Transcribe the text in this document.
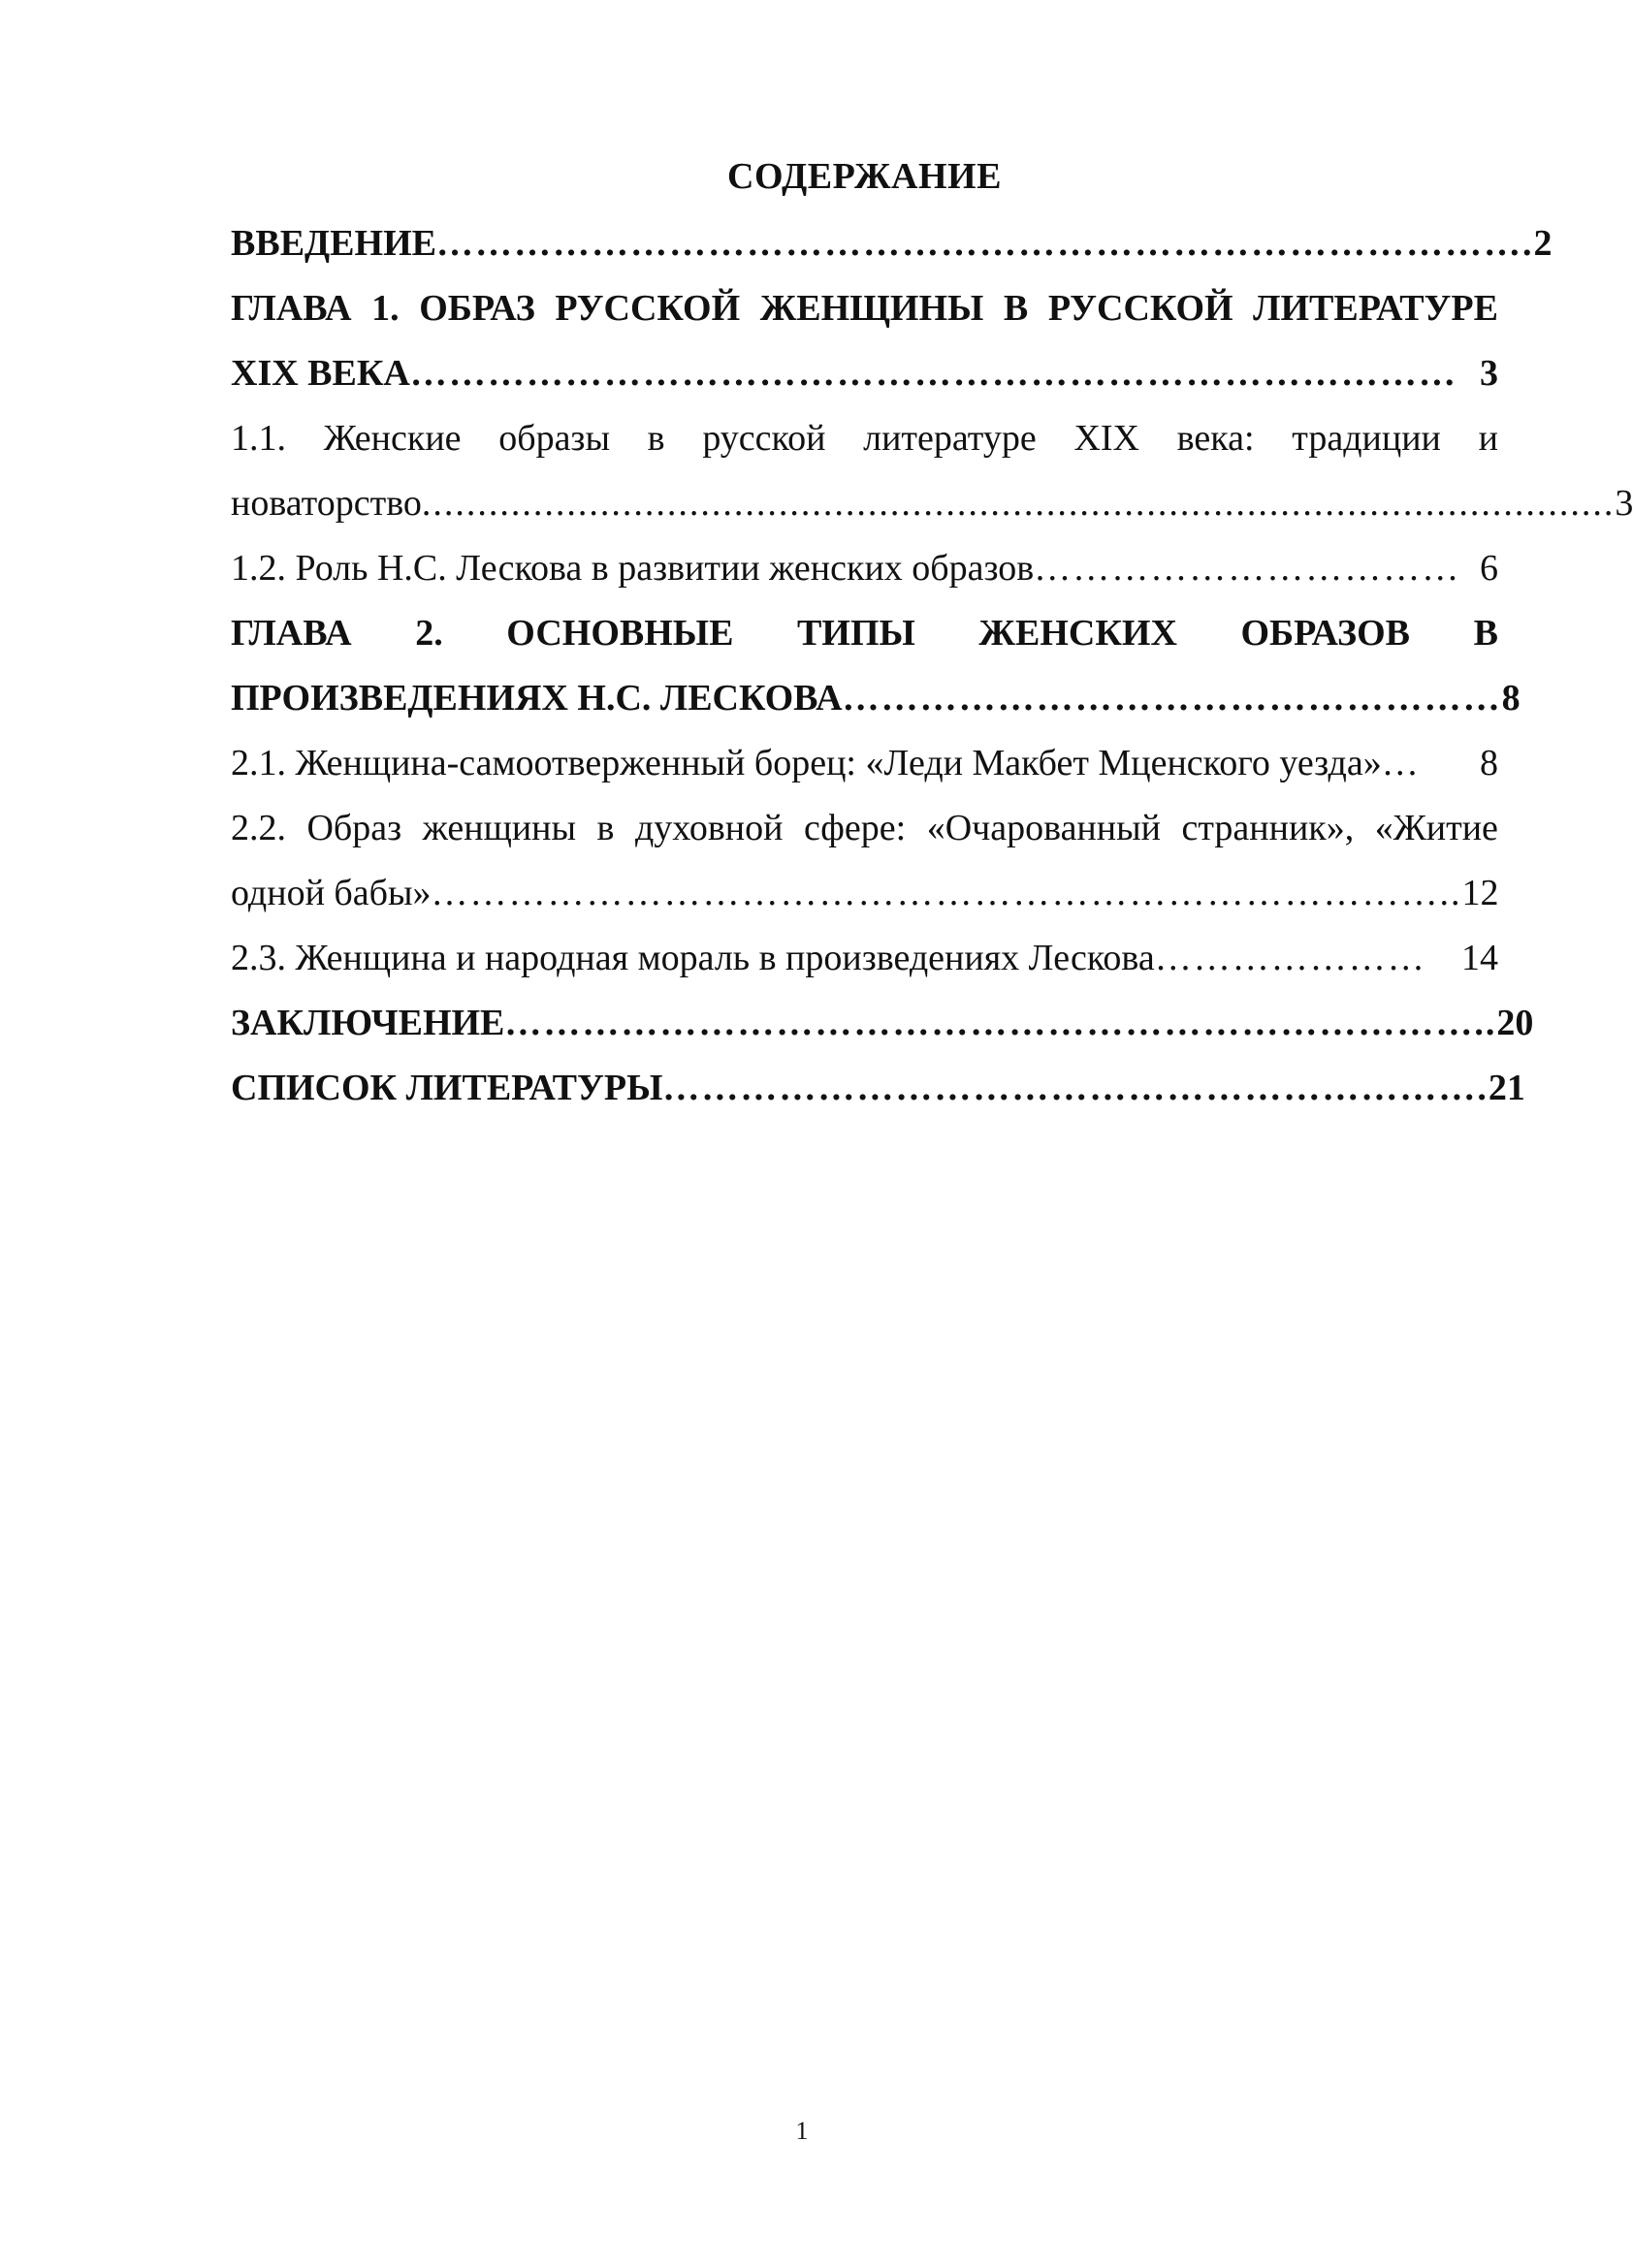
СОДЕРЖАНИЕ
ВВЕДЕНИЕ …………………………………………………………………………. 2
ГЛАВА 1. ОБРАЗ РУССКОЙ ЖЕНЩИНЫ В РУССКОЙ ЛИТЕРАТУРЕ
XIX ВЕКА ……………………………………………………………………… 3
1.1. Женские образы в русской литературе XIX века: традиции и
новаторство ........................................................................................................... 3
1.2. Роль Н.С. Лескова в развитии женских образов …………………………… 6
ГЛАВА 2. ОСНОВНЫЕ ТИПЫ ЖЕНСКИХ ОБРАЗОВ В
ПРОИЗВЕДЕНИЯХ Н.С. ЛЕСКОВА …………………………………………… 8
2.1. Женщина-самоотверженный борец: «Леди Макбет Мценского уезда» …	8
2.2. Образ женщины в духовной сфере: «Очарованный странник», «Житие
одной бабы» …………………………………………………………………….. 12
2.3. Женщина и народная мораль в произведениях Лескова ………………… 14
ЗАКЛЮЧЕНИЕ ………………………………………………………………….. 20
СПИСОК ЛИТЕРАТУРЫ ………………………………………………………. 21
1
